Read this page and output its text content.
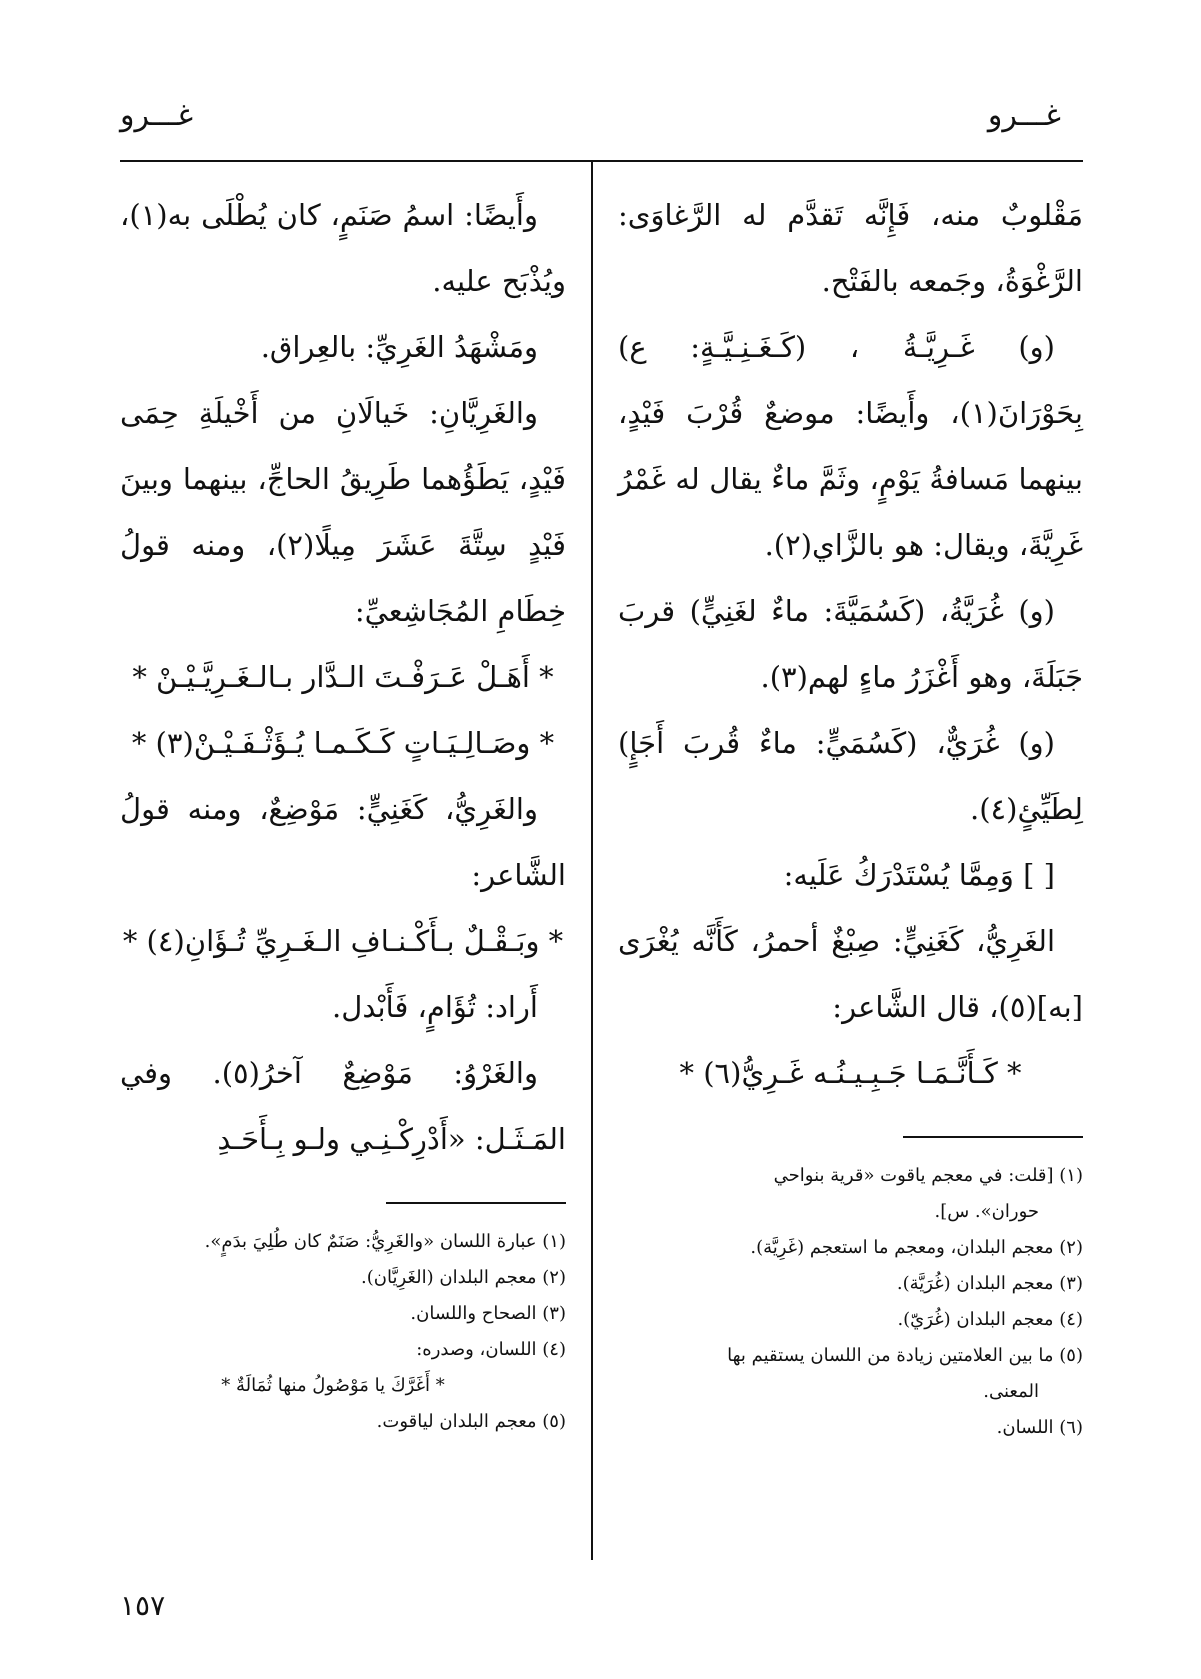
غـــرو
غـــرو

مَقْلوبٌ منه، فَإِنَّه تَقدَّم له الرَّغاوَى: الرَّغْوَةُ، وجَمعه بالفَتْح.

(و) غَـرِيَّـةُ ، (كَـغَـنِـيَّـةٍ: ع) بِحَوْرَانَ(١)، وأَيضًا: موضعٌ قُرْبَ فَيْدٍ، بينهما مَسافةُ يَوْمٍ، وثَمَّ ماءٌ يقال له غَمْرُ غَرِيَّةَ، ويقال: هو بالزَّاي(٢).

(و) غُرَيَّةُ، (كَسُمَيَّةَ: ماءٌ لغَنِيٍّ) قربَ جَبَلَةَ، وهو أَغْزَرُ ماءٍ لهم(٣).

(و) غُرَيٌّ، (كَسُمَيٍّ: ماءٌ قُربَ أَجَإٍ) لِطَيِّئٍ(٤).

[ ] وَمِمَّا يُسْتَدْرَكُ عَلَيه:

الغَرِيُّ، كَغَنِيٍّ: صِبْغٌ أحمرُ، كَأَنَّه يُغْرَى [به](٥)، قال الشَّاعر:

* كَـأَنَّـمَـا جَـبِـيـنُـه غَـرِيُّ(٦) *

(١) [قلت: في معجم ياقوت «قرية بنواحي

حوران». س].

(٢) معجم البلدان، ومعجم ما استعجم (غَرِيَّة).

(٣) معجم البلدان (غُرَيَّة).

(٤) معجم البلدان (غُرَيّ).

(٥) ما بين العلامتين زيادة من اللسان يستقيم بها

المعنى.

(٦) اللسان.

وأَيضًا: اسمُ صَنَمٍ، كان يُطْلَى به(١)، ويُذْبَح عليه.

ومَشْهَدُ الغَرِيِّ: بالعِراق.

والغَرِيَّانِ: خَيالَانِ من أَخْيلَةِ حِمَى فَيْدٍ، يَطَؤُهما طَرِيقُ الحاجِّ، بينهما وبينَ فَيْدٍ سِتَّةَ عَشَرَ مِيلًا(٢)، ومنه قولُ خِطَامِ المُجَاشِعيِّ:

* أَهَـلْ عَـرَفْـتَ الـدَّار بـالـغَـرِيَّـيْـنْ *

* وصَـالِـيَـاتٍ كَـكَـمـا يُـؤَثْـفَـيْـنْ(٣) *

والغَرِيُّ، كَغَنِيٍّ: مَوْضِعٌ، ومنه قولُ الشَّاعر:

* وبَـقْـلٌ بـأَكْـنـافِ الـغَـرِيِّ تُـؤَانِ(٤) *

أَراد: تُؤَامٍ، فَأَبْدل.

والغَرْوُ: مَوْضِعٌ آخرُ(٥). وفي المَـثَـل: «أَدْرِكْـنِـي ولـو بِـأَحَـدِ

(١) عبارة اللسان «والغَرِيُّ: صَنَمٌ كان طُلِيَ بدَمٍ».

(٢) معجم البلدان (الغَرِيَّان).

(٣) الصحاح واللسان.

(٤) اللسان، وصدره:

* أَغَرَّكَ يا مَوْصُولُ منها ثُمَالَةٌ *

(٥) معجم البلدان لياقوت.

١٥٧
